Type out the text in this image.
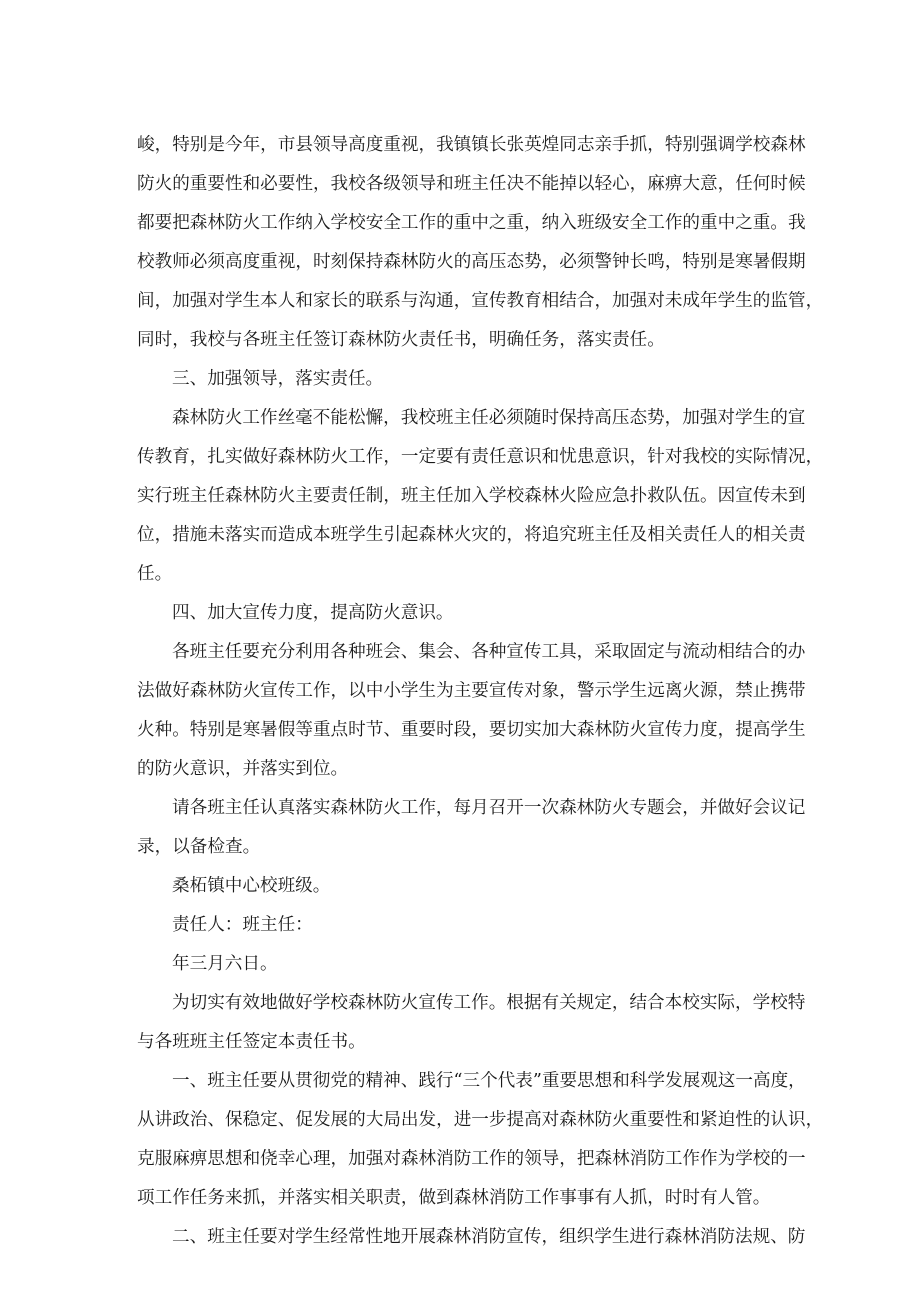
峻，特别是今年，市县领导高度重视，我镇镇长张英煌同志亲手抓，特别强调学校森林
防火的重要性和必要性，我校各级领导和班主任决不能掉以轻心，麻痹大意，任何时候
都要把森林防火工作纳入学校安全工作的重中之重，纳入班级安全工作的重中之重。我
校教师必须高度重视，时刻保持森林防火的高压态势，必须警钟长鸣，特别是寒暑假期
间，加强对学生本人和家长的联系与沟通，宣传教育相结合，加强对未成年学生的监管，
同时，我校与各班主任签订森林防火责任书，明确任务，落实责任。
三、加强领导，落实责任。
森林防火工作丝毫不能松懈，我校班主任必须随时保持高压态势，加强对学生的宣
传教育，扎实做好森林防火工作，一定要有责任意识和忧患意识，针对我校的实际情况，
实行班主任森林防火主要责任制，班主任加入学校森林火险应急扑救队伍。因宣传未到
位，措施未落实而造成本班学生引起森林火灾的，将追究班主任及相关责任人的相关责
任。
四、加大宣传力度，提高防火意识。
各班主任要充分利用各种班会、集会、各种宣传工具，采取固定与流动相结合的办
法做好森林防火宣传工作，以中小学生为主要宣传对象，警示学生远离火源，禁止携带
火种。特别是寒暑假等重点时节、重要时段，要切实加大森林防火宣传力度，提高学生
的防火意识，并落实到位。
请各班主任认真落实森林防火工作，每月召开一次森林防火专题会，并做好会议记
录，以备检查。
桑柘镇中心校班级。
责任人：班主任：
年三月六日。
为切实有效地做好学校森林防火宣传工作。根据有关规定，结合本校实际，学校特
与各班班主任签定本责任书。
一、班主任要从贯彻党的精神、践行“三个代表”重要思想和科学发展观这一高度，
从讲政治、保稳定、促发展的大局出发，进一步提高对森林防火重要性和紧迫性的认识，
克服麻痹思想和侥幸心理，加强对森林消防工作的领导，把森林消防工作作为学校的一
项工作任务来抓，并落实相关职责，做到森林消防工作事事有人抓，时时有人管。
二、班主任要对学生经常性地开展森林消防宣传，组织学生进行森林消防法规、防
